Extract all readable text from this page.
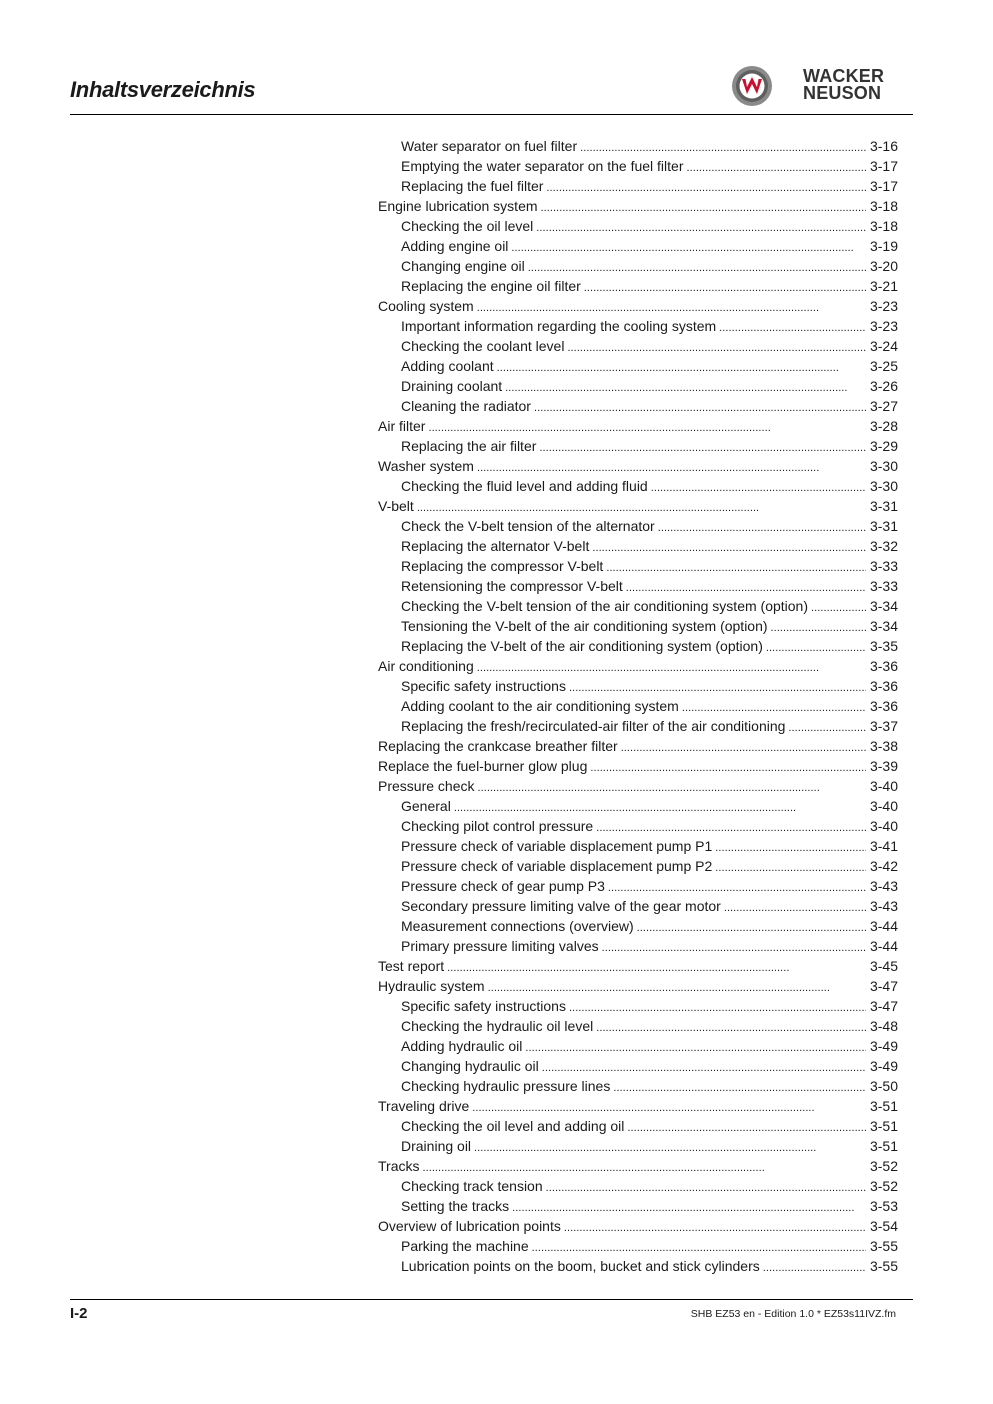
Inhaltsverzeichnis
WACKER
NEUSON
Water separator on fuel filter . . .	3-16
Emptying the water separator on the fuel filter . . .	3-17
Replacing the fuel filter . . .	3-17
Engine lubrication system . . .	3-18
Checking the oil level . . .	3-18
Adding engine oil . . .	3-19
Changing engine oil . . .	3-20
Replacing the engine oil filter . . .	3-21
Cooling system . . .	3-23
Important information regarding the cooling system . . .	3-23
Checking the coolant level . . .	3-24
Adding coolant . . .	3-25
Draining coolant . . .	3-26
Cleaning the radiator . . .	3-27
Air filter . . .	3-28
Replacing the air filter . . .	3-29
Washer system . . .	3-30
Checking the fluid level and adding fluid . . .	3-30
V-belt . . .	3-31
Check the V-belt tension of the alternator . . .	3-31
Replacing the alternator V-belt . . .	3-32
Replacing the compressor V-belt . . .	3-33
Retensioning the compressor V-belt . . .	3-33
Checking the V-belt tension of the air conditioning system (option) . . .	3-34
Tensioning the V-belt of the air conditioning system (option) . . .	3-34
Replacing the V-belt of the air conditioning system (option) . . .	3-35
Air conditioning . . .	3-36
Specific safety instructions . . .	3-36
Adding coolant to the air conditioning system . . .	3-36
Replacing the fresh/recirculated-air filter of the air conditioning . . .	3-37
Replacing the crankcase breather filter . . .	3-38
Replace the fuel-burner glow plug . . .	3-39
Pressure check . . .	3-40
General . . .	3-40
Checking pilot control pressure . . .	3-40
Pressure check of variable displacement pump P1 . . .	3-41
Pressure check of variable displacement pump P2 . . .	3-42
Pressure check of gear pump P3 . . .	3-43
Secondary pressure limiting valve of the gear motor . . .	3-43
Measurement connections (overview) . . .	3-44
Primary pressure limiting valves . . .	3-44
Test report . . .	3-45
Hydraulic system . . .	3-47
Specific safety instructions . . .	3-47
Checking the hydraulic oil level . . .	3-48
Adding hydraulic oil . . .	3-49
Changing hydraulic oil . . .	3-49
Checking hydraulic pressure lines . . .	3-50
Traveling drive . . .	3-51
Checking the oil level and adding oil . . .	3-51
Draining oil . . .	3-51
Tracks . . .	3-52
Checking track tension . . .	3-52
Setting the tracks . . .	3-53
Overview of lubrication points . . .	3-54
Parking the machine . . .	3-55
Lubrication points on the boom, bucket and stick cylinders . . .	3-55
I-2	SHB EZ53 en - Edition 1.0 * EZ53s11IVZ.fm
